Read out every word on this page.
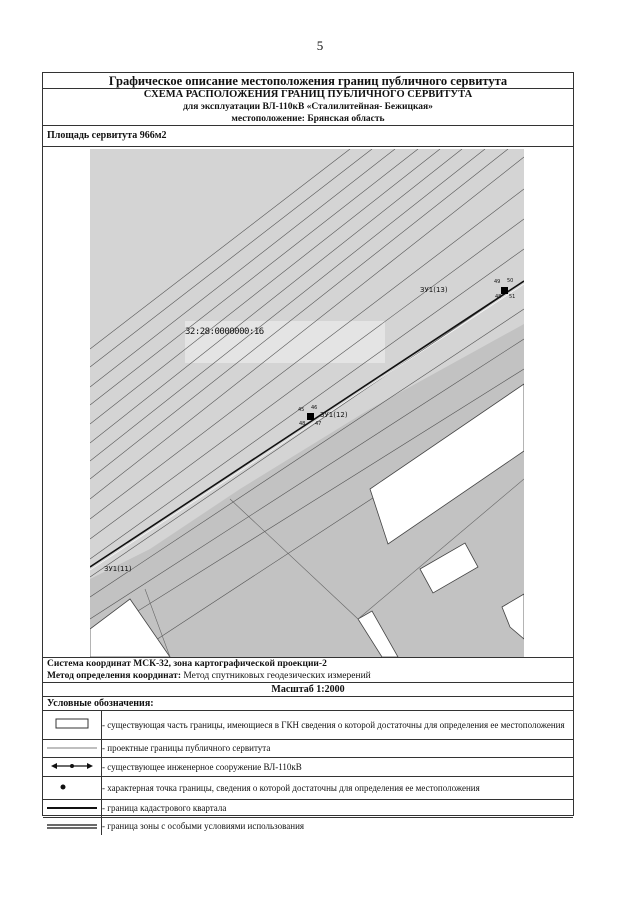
5
Графическое описание местоположения границ публичного сервитута
СХЕМА РАСПОЛОЖЕНИЯ ГРАНИЦ ПУБЛИЧНОГО СЕРВИТУТА
для эксплуатации ВЛ-110кВ «Сталилитейная- Бежицкая»
местоположение: Брянская область
Площадь сервитута 966м2
32:28:0000000:16
ЗУ1(13)
ЗУ1(12)
ЗУ1(11)
49 50
48 51
45 46
48 47
Система координат МСК-32, зона картографической проекции-2
Метод определения координат: Метод спутниковых геодезических измерений
Масштаб 1:2000
Условные обозначения:
	- существующая часть границы, имеющиеся в ГКН сведения о которой достаточны для определения ее местоположения
	- проектные границы публичного сервитута
	- существующее инженерное сооружение ВЛ-110кВ
	- характерная точка границы, сведения о которой достаточны для определения ее местоположения
	- граница кадастрового квартала
	- граница зоны с особыми условиями использования
